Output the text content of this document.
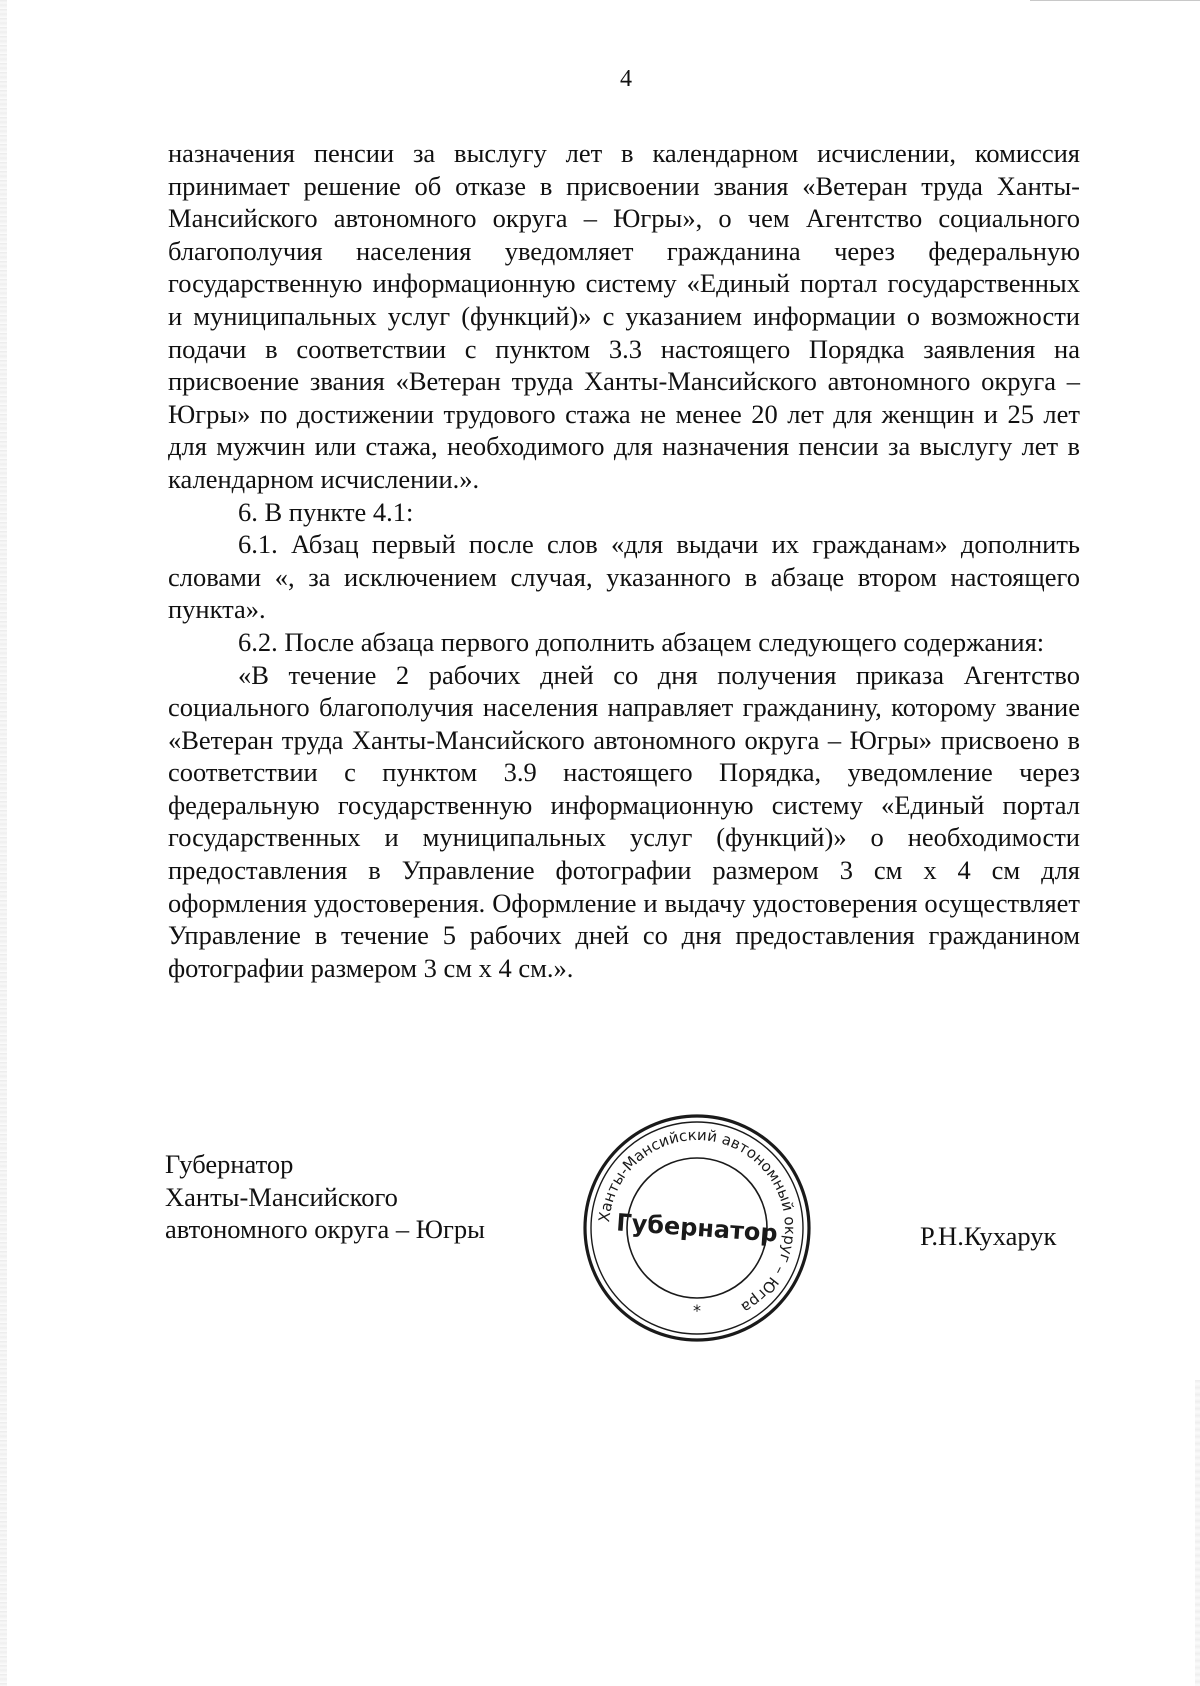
4

назначения пенсии за выслугу лет в календарном исчислении, комиссия принимает решение об отказе в присвоении звания «Ветеран труда Ханты-Мансийского автономного округа – Югры», о чем Агентство социального благополучия населения уведомляет гражданина через федеральную государственную информационную систему «Единый портал государственных и муниципальных услуг (функций)» с указанием информации о возможности подачи в соответствии с пунктом 3.3 настоящего Порядка заявления на присвоение звания «Ветеран труда Ханты-Мансийского автономного округа – Югры» по достижении трудового стажа не менее 20 лет для женщин и 25 лет для мужчин или стажа, необходимого для назначения пенсии за выслугу лет в календарном исчислении.».

6. В пункте 4.1:

6.1. Абзац первый после слов «для выдачи их гражданам» дополнить словами «, за исключением случая, указанного в абзаце втором настоящего пункта».

6.2. После абзаца первого дополнить абзацем следующего содержания:

«В течение 2 рабочих дней со дня получения приказа Агентство социального благополучия населения направляет гражданину, которому звание «Ветеран труда Ханты-Мансийского автономного округа – Югры» присвоено в соответствии с пунктом 3.9 настоящего Порядка, уведомление через федеральную государственную информационную систему «Единый портал государственных и муниципальных услуг (функций)» о необходимости предоставления в Управление фотографии размером 3 см х 4 см для оформления удостоверения. Оформление и выдачу удостоверения осуществляет Управление в течение 5 рабочих дней со дня предоставления гражданином фотографии размером 3 см х 4 см.».

Губернатор
Ханты-Мансийского
автономного округа – Югры	Ханты-Мансийский автономный округ – Югра
Губернатор
*
Р.Н.Кухарук
